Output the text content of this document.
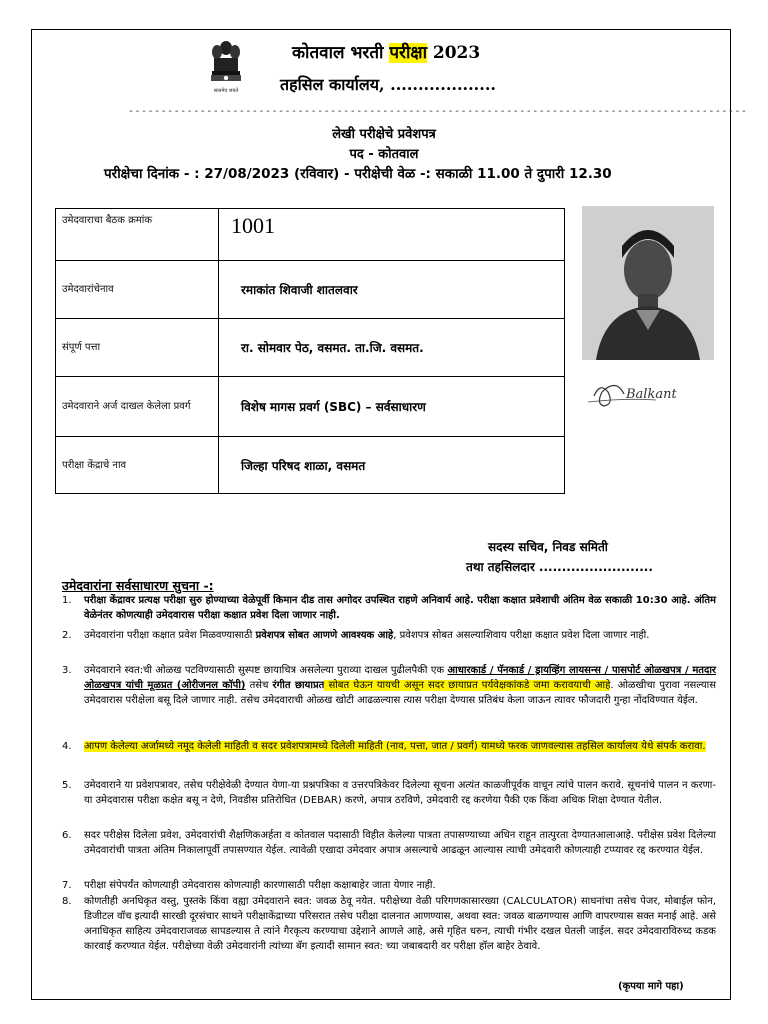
सत्यमेव जयते
कोतवाल भरती परीक्षा 2023
तहसिल कार्यालय, ...................
-----------------------------------------------------------------------------------------------
लेखी परीक्षेचे प्रवेशपत्र
पद - कोतवाल
परीक्षेचा दिनांक - : 27/08/2023 (रविवार) - परीक्षेची वेळ -: सकाळी 11.00 ते दुपारी 12.30
उमेदवाराचा बैठक क्रमांक	1001
उमेदवारांचेनाव	रमाकांत शिवाजी शातलवार
संपूर्ण पत्ता	रा. सोमवार पेठ, वसमत. ता.जि. वसमत.
उमेदवाराने अर्ज दाखल केलेला प्रवर्ग	विशेष मागस प्रवर्ग (SBC) – सर्वसाधारण
परीक्षा केंद्राचे नाव	जिल्हा परिषद शाळा, वसमत
Balkant
सदस्य सचिव, निवड समिती
तथा तहसिलदार .........................
उमेदवारांना सर्वसाधारण सुचना -:
1.	परीक्षा केंद्रावर प्रत्यक्ष परीक्षा सुरु होण्याच्या वेळेपूर्वी किमान दीड तास अगोदर उपस्थित राहणे अनिवार्य आहे. परीक्षा कक्षात प्रवेशाची अंतिम वेळ सकाळी 10:30 आहे. अंतिम वेळेनंतर कोणत्याही उमेदवारास परीक्षा कक्षात प्रवेश दिला जाणार नाही.
2.	उमेदवारांना परीक्षा कक्षात प्रवेश मिळवण्यासाठी प्रवेशपत्र सोबत आणणे आवश्यक आहे, प्रवेशपत्र सोबत असल्याशिवाय परीक्षा कक्षात प्रवेश दिला जाणार नाही.
3.	उमेदवाराने स्वत:ची ओळख पटविण्यासाठी सुस्पष्ट छायाचित्र असलेल्या पुराव्या दाखल पुढीलपैकी एक आधारकार्ड / पॅनकार्ड / ड्रायव्हिंग लायसन्स / पासपोर्ट ओळखपत्र / मतदार ओळखपत्र यांची मूळप्रत (ओरीजनल कॉपी) तसेच रंगीत छायाप्रत सोबत घेऊन यायची असून सदर छायाप्रत पर्यवेक्षकांकडे जमा करावयाची आहे. ओळखीचा पुरावा नसल्यास उमेदवारास परीक्षेला बसू दिले जाणार नाही. तसेच उमेदवाराची ओळख खोटी आढळल्यास त्यास परीक्षा देण्यास प्रतिबंध केला जाऊन त्यावर फौजदारी गुन्हा नोंदविण्यात येईल.
4.	आपण केलेल्या अर्जामध्ये नमूद केलेली माहिती व सदर प्रवेशपत्रामध्ये दिलेली माहिती (नाव, पत्ता, जात / प्रवर्ग) यामध्ये फरक जाणवल्यास तहसिल कार्यालय येथे संपर्क करावा.
5.	उमेदवाराने या प्रवेशपत्रावर, तसेच परीक्षेवेळी देण्यात येणा-या प्रश्नपत्रिका व उत्तरपत्रिकेवर दिलेल्या सूचना अत्यंत काळजीपूर्वक वाचून त्यांचे पालन करावे. सूचनांचे पालन न करणा-या उमेदवारास परीक्षा कक्षेत बसू न देणे, निवडीस प्रतिरोधित (DEBAR) करणे, अपात्र ठरविणे, उमेदवारी रद्द करणेया पैकी एक किंवा अधिक शिक्षा देण्यात येतील.
6.	सदर परीक्षेस दिलेला प्रवेश, उमेदवारांची शैक्षणिकअर्हता व कोतवाल पदासाठी विहीत केलेल्या पात्रता तपासण्याच्या अधिन राहून तात्पुरता देण्यातआलाआहे. परीक्षेस प्रवेश दिलेल्या उमेदवारांची पात्रता अंतिम निकालापूर्वी तपासण्यात येईल. त्यावेळी एखादा उमेदवार अपात्र असल्याचे आढळून आल्यास त्याची उमेदवारी कोणत्याही टप्प्यावर रद्द करण्यात येईल.
7.	परीक्षा संपेपर्यंत कोणत्याही उमेदवारास कोणत्याही कारणासाठी परीक्षा कक्षाबाहेर जाता येणार नाही.
8.	कोणतीही अनधिकृत वस्तु, पुस्तके किंवा वह्या उमेदवाराने स्वत: जवळ ठेवू नयेत. परीक्षेच्या वेळी परिगणकासारख्या (CALCULATOR) साधनांचा तसेच पेजर, मोबाईल फोन, डिजीटल वॉच इत्यादी सारखी दूरसंचार साधने परीक्षाकेंद्राच्या परिसरात तसेच परीक्षा दालनात आणण्यास, अथवा स्वत: जवळ बाळगण्यास आणि वापरण्यास सक्त मनाई आहे. असे अनाधिकृत साहित्य उमेदवाराजवळ सापडल्यास ते त्यांने गैरकृत्य करण्याचा उद्देशाने आणले आहे, असे गृहित धरुन, त्याची गंभीर दखल घेतली जाईल. सदर उमेदवाराविरुध्द कडक कारवाई करण्यात येईल. परीक्षेच्या वेळी उमेदवारांनी त्यांच्या बॅग इत्यादी सामान स्वत: च्या जबाबदारी वर परीक्षा हॉल बाहेर ठेवावे.
(कृपया मागे पहा)
